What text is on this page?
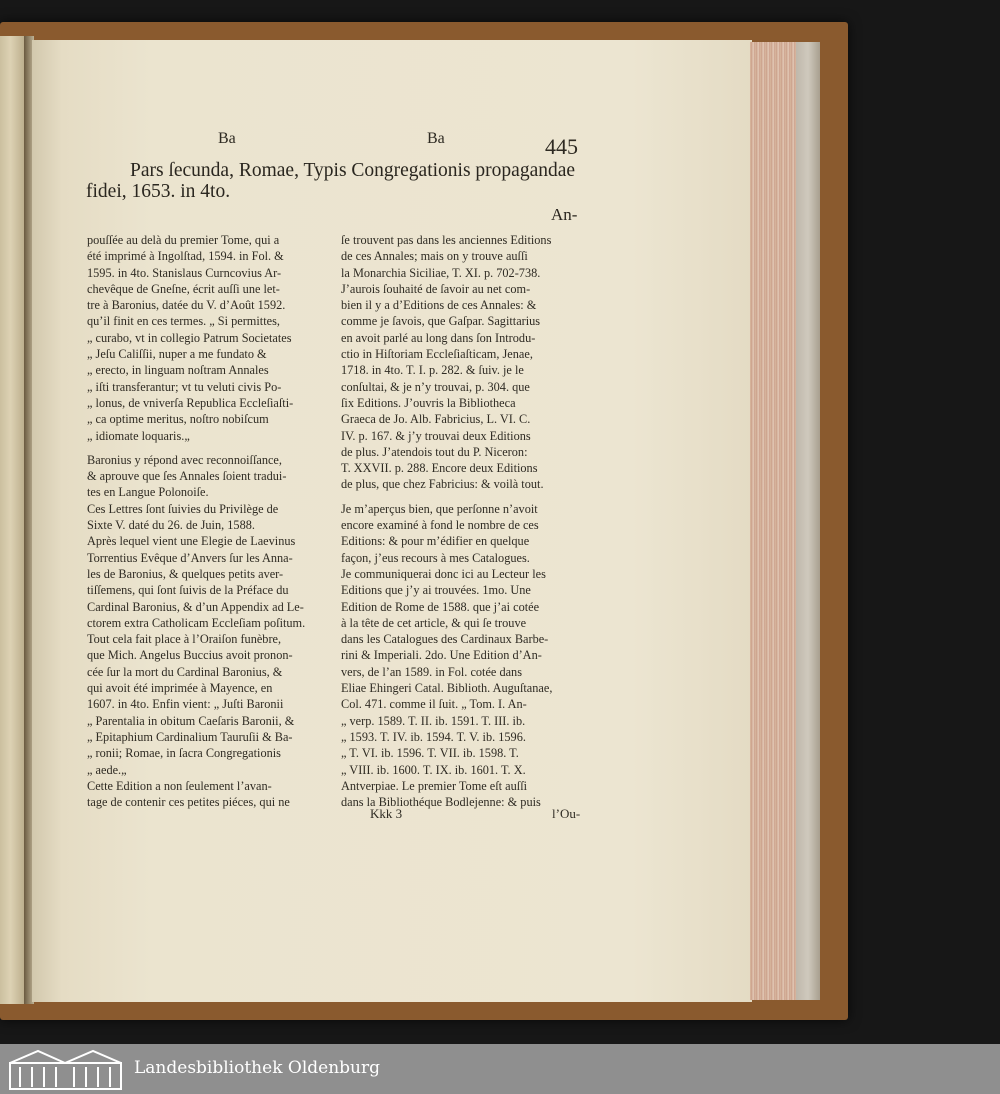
Ba	Ba	445
Pars ſecunda, Romae, Typis Congregationis propagandae
fidei, 1653. in 4to.
An-
pouſſée au delà du premier Tome, qui a
été imprimé à Ingolſtad, 1594. in Fol. &
1595. in 4to. Stanislaus Curncovius Ar-
chevêque de Gneſne, écrit auſſi une let-
tre à Baronius, datée du V. d’Août 1592.
qu’il finit en ces termes. „ Si permittes,
„ curabo, vt in collegio Patrum Societates
„ Jeſu Caliſſii, nuper a me fundato &
„ erecto, in linguam noſtram Annales
„ iſti transferantur; vt tu veluti civis Po-
„ lonus, de vniverſa Republica Eccleſiaſti-
„ ca optime meritus, noſtro nobiſcum
„ idiomate loquaris.„
Baronius y répond avec reconnoiſſance,
& aprouve que ſes Annales ſoient tradui-
tes en Langue Polonoiſe.
Ces Lettres ſont ſuivies du Privilège de
Sixte V. daté du 26. de Juin, 1588.
Après lequel vient une Elegie de Laevinus
Torrentius Evêque d’Anvers ſur les Anna-
les de Baronius, & quelques petits aver-
tiſſemens, qui ſont ſuivis de la Préface du
Cardinal Baronius, & d’un Appendix ad Le-
ctorem extra Catholicam Eccleſiam poſitum.
Tout cela fait place à l’Oraiſon funèbre,
que Mich. Angelus Buccius avoit pronon-
cée ſur la mort du Cardinal Baronius, &
qui avoit été imprimée à Mayence, en
1607. in 4to. Enfin vient: „ Juſti Baronii
„ Parentalia in obitum Caeſaris Baronii, &
„ Epitaphium Cardinalium Tauruſii & Ba-
„ ronii; Romae, in ſacra Congregationis
„ aede.„
Cette Edition a non ſeulement l’avan-
tage de contenir ces petites piéces, qui ne
ſe trouvent pas dans les anciennes Editions
de ces Annales; mais on y trouve auſſi
la Monarchia Siciliae, T. XI. p. 702-738.
J’aurois ſouhaité de ſavoir au net com-
bien il y a d’Editions de ces Annales: &
comme je ſavois, que Gaſpar. Sagittarius
en avoit parlé au long dans ſon Introdu-
ctio in Hiſtoriam Eccleſiaſticam, Jenae,
1718. in 4to. T. I. p. 282. & ſuiv. je le
conſultai, & je n’y trouvai, p. 304. que
ſix Editions. J’ouvris la Bibliotheca
Graeca de Jo. Alb. Fabricius, L. VI. C.
IV. p. 167. & j’y trouvai deux Editions
de plus. J’atendois tout du P. Niceron:
T. XXVII. p. 288. Encore deux Editions
de plus, que chez Fabricius: & voilà tout.
Je m’aperçus bien, que perſonne n’avoit
encore examiné à fond le nombre de ces
Editions: & pour m’édifier en quelque
façon, j’eus recours à mes Catalogues.
Je communiquerai donc ici au Lecteur les
Editions que j’y ai trouvées. 1mo. Une
Edition de Rome de 1588. que j’ai cotée
à la tête de cet article, & qui ſe trouve
dans les Catalogues des Cardinaux Barbe-
rini & Imperiali. 2do. Une Edition d’An-
vers, de l’an 1589. in Fol. cotée dans
Eliae Ehingeri Catal. Biblioth. Auguſtanae,
Col. 471. comme il ſuit. „ Tom. I. An-
„ verp. 1589. T. II. ib. 1591. T. III. ib.
„ 1593. T. IV. ib. 1594. T. V. ib. 1596.
„ T. VI. ib. 1596. T. VII. ib. 1598. T.
„ VIII. ib. 1600. T. IX. ib. 1601. T. X.
Antverpiae. Le premier Tome eſt auſſi
dans la Bibliothéque Bodlejenne: & puis
Kkk 3	l’Ou-
Landesbibliothek Oldenburg
